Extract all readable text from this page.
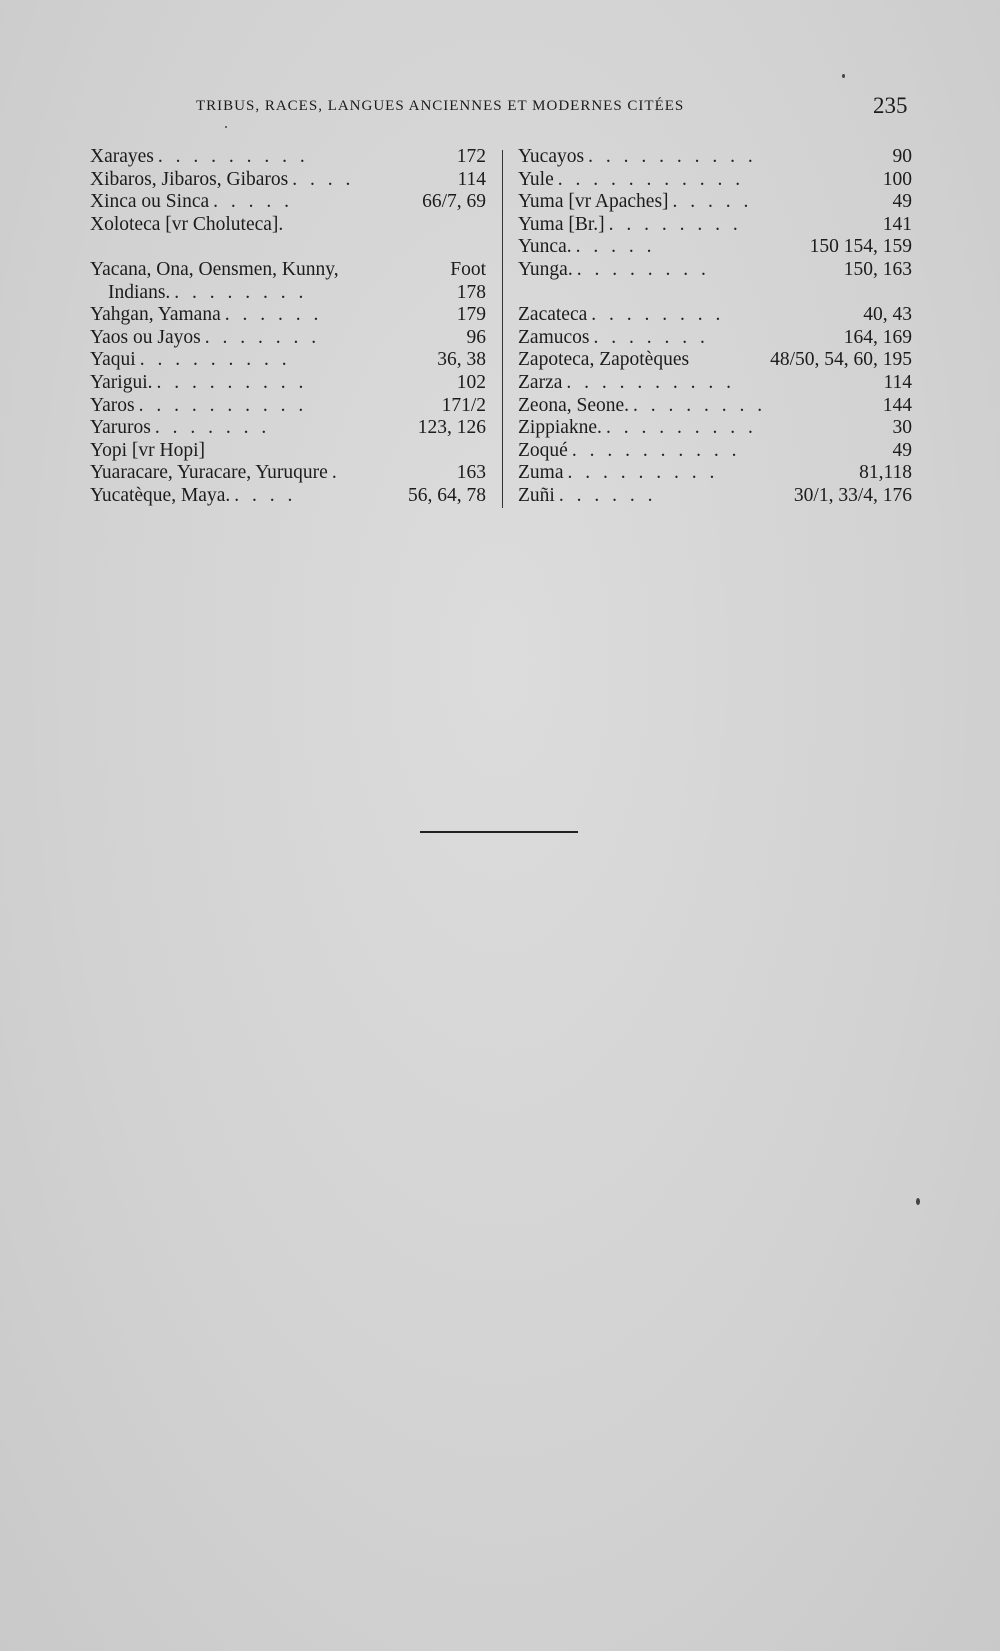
TRIBUS, RACES, LANGUES ANCIENNES ET MODERNES CITÉES	235
Xarayes . . . . . . . . .	172
Xibaros, Jibaros, Gibaros . . . .	114
Xinca ou Sinca . . . . .	66/7, 69
Xoloteca [vr Choluteca].
Yacana, Ona, Oensmen, Kunny,	Foot
Indians. . . . . . . . .	178
Yahgan, Yamana . . . . . .	179
Yaos ou Jayos . . . . . . .	96
Yaqui . . . . . . . . .	36, 38
Yarigui. . . . . . . . . .	102
Yaros . . . . . . . . . .	171/2
Yaruros . . . . . . .	123, 126
Yopi [vr Hopi]
Yuaracare, Yuracare, Yuruqure .	163
Yucatèque, Maya. . . . .	56, 64, 78
Yucayos . . . . . . . . . .	90
Yule . . . . . . . . . . .	100
Yuma [vr Apaches] . . . . .	49
Yuma [Br.] . . . . . . . .	141
Yunca. . . . . .	150 154, 159
Yunga. . . . . . . . .	150, 163
Zacateca . . . . . . . .	40, 43
Zamucos . . . . . . .	164, 169
Zapoteca, Zapotèques	48/50, 54, 60, 195
Zarza . . . . . . . . . .	114
Zeona, Seone. . . . . . . . .	144
Zippiakne. . . . . . . . . .	30
Zoqué . . . . . . . . . .	49
Zuma . . . . . . . . .	81,118
Zuñi . . . . . .	30/1, 33/4, 176
